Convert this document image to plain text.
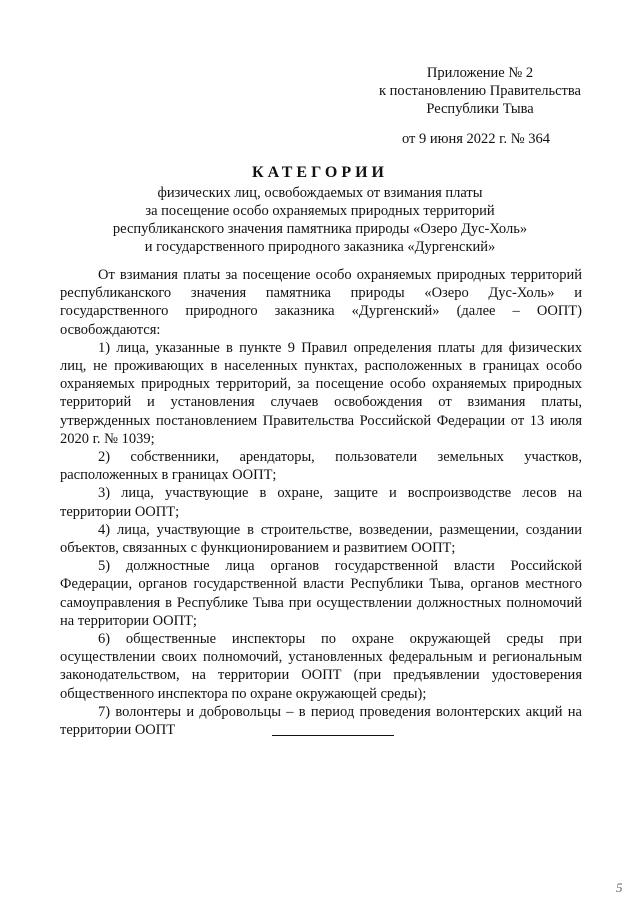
Приложение № 2
к постановлению Правительства
Республики Тыва
от 9 июня 2022 г. № 364
КАТЕГОРИИ
физических лиц, освобождаемых от взимания платы
за посещение особо охраняемых природных территорий
республиканского значения памятника природы «Озеро Дус-Холь»
и государственного природного заказника «Дургенский»

От взимания платы за посещение особо охраняемых природных территорий республиканского значения памятника природы «Озеро Дус-Холь» и государственного природного заказника «Дургенский» (далее – ООПТ) освобождаются:

1) лица, указанные в пункте 9 Правил определения платы для физических лиц, не проживающих в населенных пунктах, расположенных в границах особо охраняемых природных территорий, за посещение особо охраняемых природных территорий и установления случаев освобождения от взимания платы, утвержденных постановлением Правительства Российской Федерации от 13 июля 2020 г. № 1039;

2) собственники, арендаторы, пользователи земельных участков, расположенных в границах ООПТ;

3) лица, участвующие в охране, защите и воспроизводстве лесов на территории ООПТ;

4) лица, участвующие в строительстве, возведении, размещении, создании объектов, связанных с функционированием и развитием ООПТ;

5) должностные лица органов государственной власти Российской Федерации, органов государственной власти Республики Тыва, органов местного самоуправления в Республике Тыва при осуществлении должностных полномочий на территории ООПТ;

6) общественные инспекторы по охране окружающей среды при осуществлении своих полномочий, установленных федеральным и региональным законодательством, на территории ООПТ (при предъявлении удостоверения общественного инспектора по охране окружающей среды);

7) волонтеры и добровольцы – в период проведения волонтерских акций на территории ООПТ

5
